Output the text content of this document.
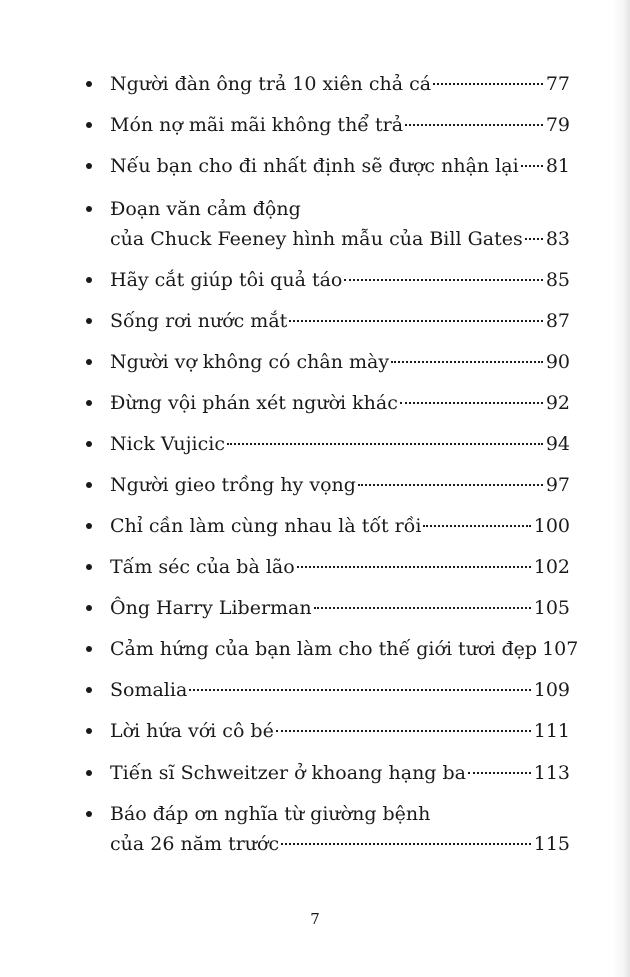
Người đàn ông trả 10 xiên chả cá	77
Món nợ mãi mãi không thể trả	79
Nếu bạn cho đi nhất định sẽ được nhận lại 81
Đoạn văn cảm động
của Chuck Feeney hình mẫu của Bill Gates 83
Hãy cắt giúp tôi quả táo	85
Sống rơi nước mắt	87
Người vợ không có chân mày	90
Đừng vội phán xét người khác	92
Nick Vujicic	94
Người gieo trồng hy vọng	97
Chỉ cần làm cùng nhau là tốt rồi	100
Tấm séc của bà lão	102
Ông Harry Liberman	105
Cảm hứng của bạn làm cho thế giới tươi đẹp 107
Somalia	109
Lời hứa với cô bé	111
Tiến sĩ Schweitzer ở khoang hạng ba	113
Báo đáp ơn nghĩa từ giường bệnh
của 26 năm trước	115
7
